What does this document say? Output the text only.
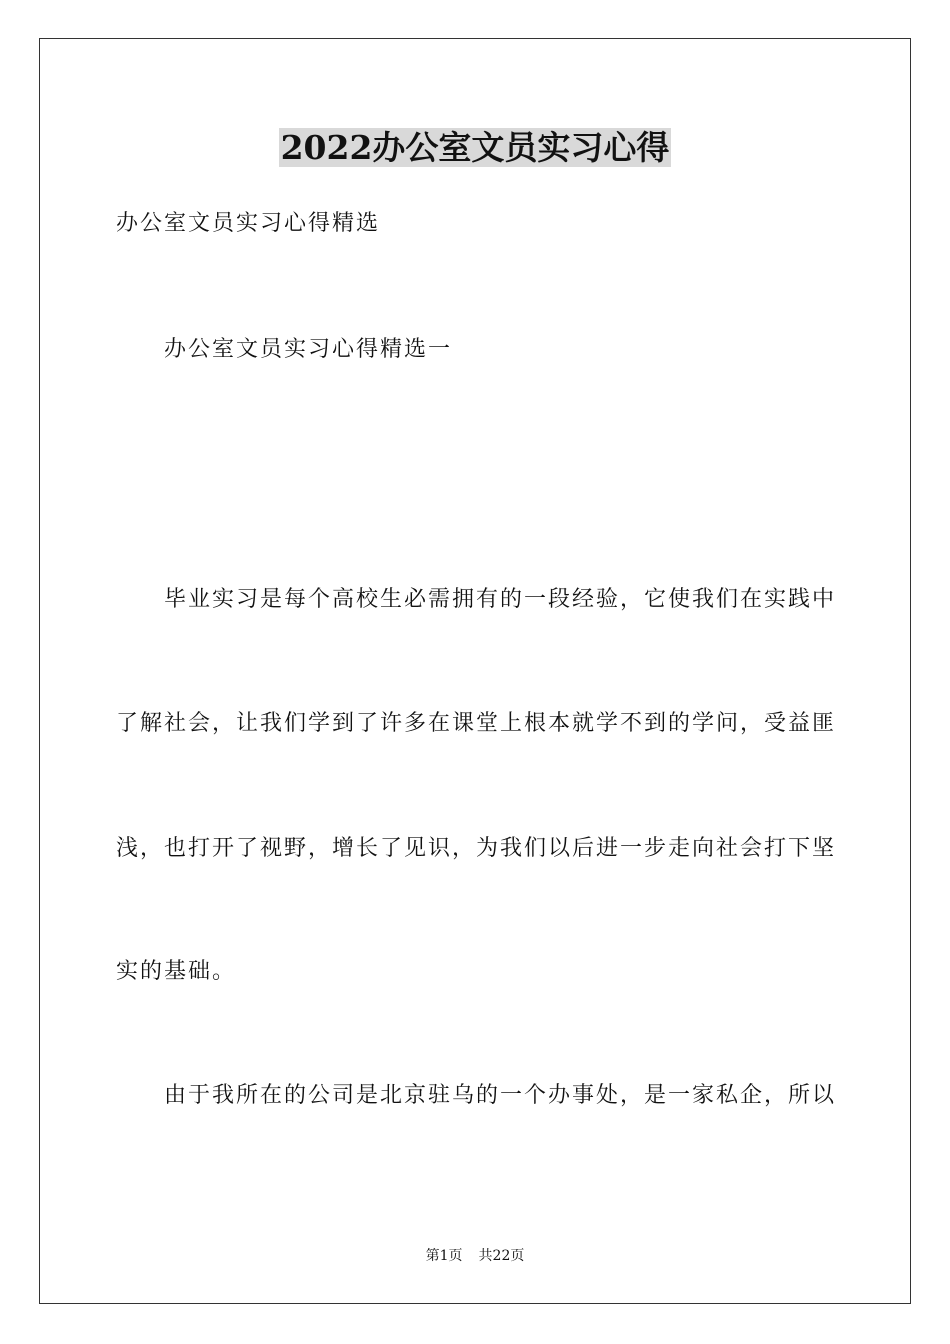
2022办公室文员实习心得
办公室文员实习心得精选
办公室文员实习心得精选一
毕业实习是每个高校生必需拥有的一段经验，它使我们在实践中
了解社会，让我们学到了许多在课堂上根本就学不到的学问，受益匪
浅，也打开了视野，增长了见识，为我们以后进一步走向社会打下坚
实的基础。
由于我所在的公司是北京驻乌的一个办事处，是一家私企，所以
第1页 共22页
